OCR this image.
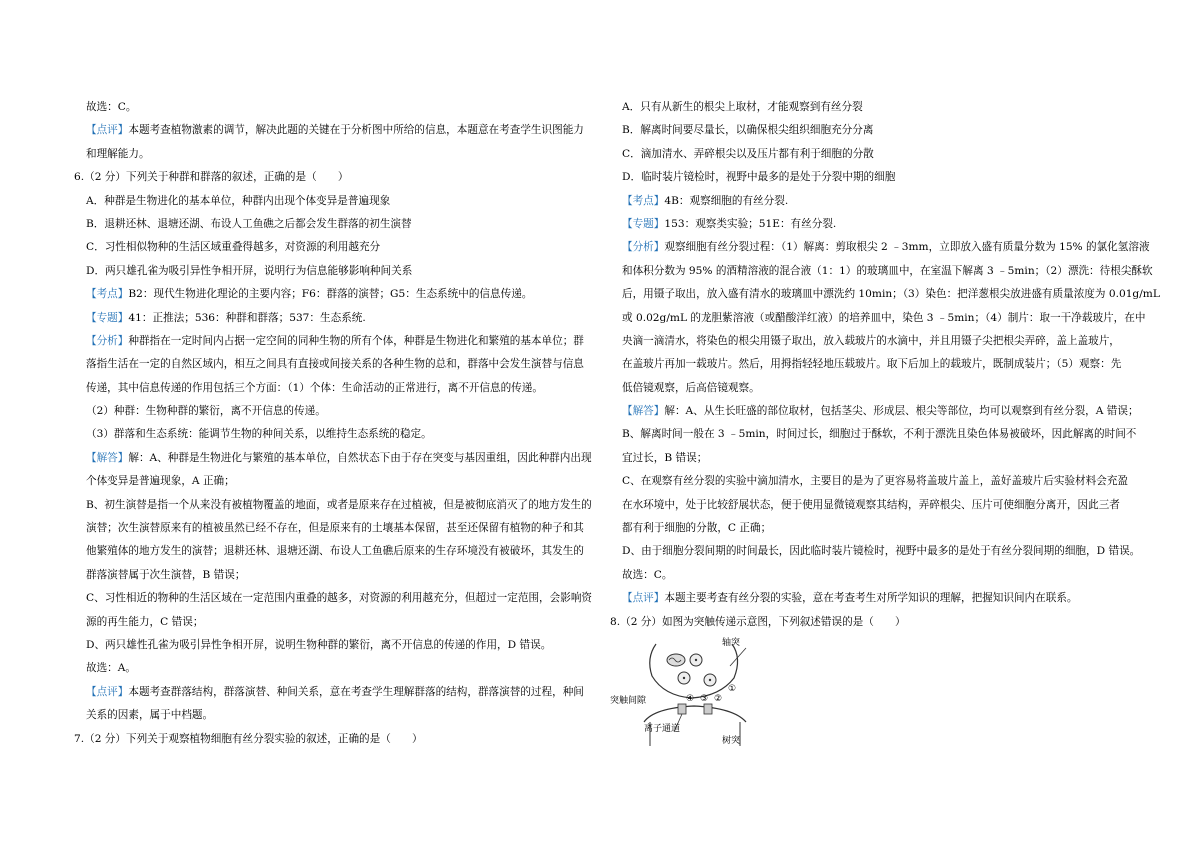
故选：C。
【点评】本题考查植物激素的调节，解决此题的关键在于分析图中所给的信息，本题意在考查学生识图能力
和理解能力。
6.（2 分）下列关于种群和群落的叙述，正确的是（　　）
A．种群是生物进化的基本单位，种群内出现个体变异是普遍现象
B．退耕还林、退塘还湖、布设人工鱼礁之后都会发生群落的初生演替
C．习性相似物种的生活区域重叠得越多，对资源的利用越充分
D．两只雄孔雀为吸引异性争相开屏，说明行为信息能够影响种间关系
【考点】B2：现代生物进化理论的主要内容；F6：群落的演替；G5：生态系统中的信息传递。
【专题】41：正推法；536：种群和群落；537：生态系统.
【分析】种群指在一定时间内占据一定空间的同种生物的所有个体，种群是生物进化和繁殖的基本单位；群
落指生活在一定的自然区域内，相互之间具有直接或间接关系的各种生物的总和，群落中会发生演替与信息
传递，其中信息传递的作用包括三个方面：（1）个体：生命活动的正常进行，离不开信息的传递。
（2）种群：生物种群的繁衍，离不开信息的传递。
（3）群落和生态系统：能调节生物的种间关系，以维持生态系统的稳定。
【解答】解：A、种群是生物进化与繁殖的基本单位，自然状态下由于存在突变与基因重组，因此种群内出现
个体变异是普遍现象，A 正确；
B、初生演替是指一个从来没有被植物覆盖的地面，或者是原来存在过植被，但是被彻底消灭了的地方发生的
演替；次生演替原来有的植被虽然已经不存在，但是原来有的土壤基本保留，甚至还保留有植物的种子和其
他繁殖体的地方发生的演替；退耕还林、退塘还湖、布设人工鱼礁后原来的生存环境没有被破坏，其发生的
群落演替属于次生演替，B 错误；
C、习性相近的物种的生活区域在一定范围内重叠的越多，对资源的利用越充分，但超过一定范围，会影响资
源的再生能力，C 错误；
D、两只雄性孔雀为吸引异性争相开屏，说明生物种群的繁衍，离不开信息的传递的作用，D 错误。
故选：A。
【点评】本题考查群落结构，群落演替、种间关系，意在考查学生理解群落的结构，群落演替的过程，种间
关系的因素，属于中档题。
7.（2 分）下列关于观察植物细胞有丝分裂实验的叙述，正确的是（　　）
A．只有从新生的根尖上取材，才能观察到有丝分裂
B．解离时间要尽量长，以确保根尖组织细胞充分分离
C．滴加清水、弄碎根尖以及压片都有利于细胞的分散
D．临时装片镜检时，视野中最多的是处于分裂中期的细胞
【考点】4B：观察细胞的有丝分裂.
【专题】153：观察类实验；51E：有丝分裂.
【分析】观察细胞有丝分裂过程：（1）解离：剪取根尖 2 ﹣3mm，立即放入盛有质量分数为 15% 的氯化氢溶液
和体积分数为 95% 的酒精溶液的混合液（1：1）的玻璃皿中，在室温下解离 3 ﹣5min；（2）漂洗：待根尖酥软
后，用镊子取出，放入盛有清水的玻璃皿中漂洗约 10min；（3）染色：把洋葱根尖放进盛有质量浓度为 0.01g/mL
或 0.02g/mL 的龙胆紫溶液（或醋酸洋红液）的培养皿中，染色 3 ﹣5min；（4）制片：取一干净载玻片，在中
央滴一滴清水，将染色的根尖用镊子取出，放入载玻片的水滴中，并且用镊子尖把根尖弄碎，盖上盖玻片，
在盖玻片再加一载玻片。然后，用拇指轻轻地压载玻片。取下后加上的载玻片，既制成装片；（5）观察：先
低倍镜观察，后高倍镜观察。
【解答】解：A、从生长旺盛的部位取材，包括茎尖、形成层、根尖等部位，均可以观察到有丝分裂，A 错误；
B、解离时间一般在 3 ﹣5min，时间过长，细胞过于酥软，不利于漂洗且染色体易被破坏，因此解离的时间不
宜过长，B 错误；
C、在观察有丝分裂的实验中滴加清水，主要目的是为了更容易将盖玻片盖上，盖好盖玻片后实验材料会充盈
在水环境中，处于比较舒展状态，便于使用显微镜观察其结构，弄碎根尖、压片可使细胞分离开，因此三者
都有利于细胞的分散，C 正确；
D、由于细胞分裂间期的时间最长，因此临时装片镜检时，视野中最多的是处于有丝分裂间期的细胞，D 错误。
故选：C。
【点评】本题主要考查有丝分裂的实验，意在考查考生对所学知识的理解，把握知识间内在联系。
8.（2 分）如图为突触传递示意图，下列叙述错误的是（　　）
轴突
突触间隙
离子通道
树突
①
②
③
④
